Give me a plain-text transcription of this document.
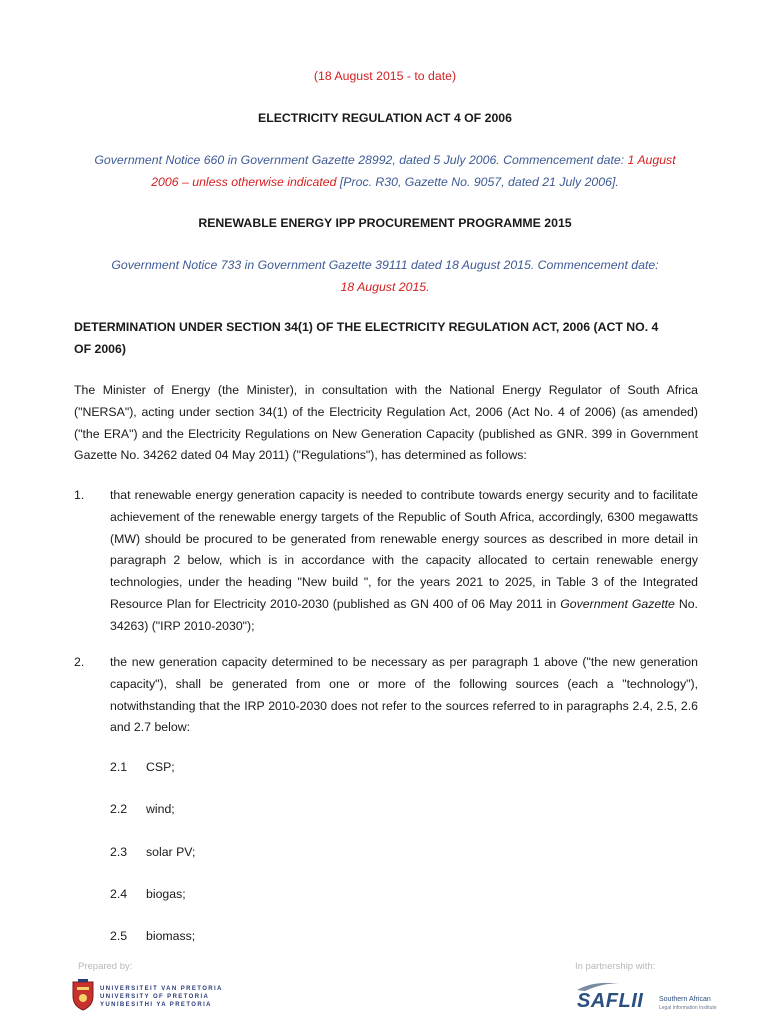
(18 August 2015 - to date)
ELECTRICITY REGULATION ACT 4 OF 2006
Government Notice 660 in Government Gazette 28992, dated 5 July 2006. Commencement date: 1 August
2006 – unless otherwise indicated [Proc. R30, Gazette No. 9057, dated 21 July 2006].
RENEWABLE ENERGY IPP PROCUREMENT PROGRAMME 2015
Government Notice 733 in Government Gazette 39111 dated 18 August 2015. Commencement date:
18 August 2015.
DETERMINATION UNDER SECTION 34(1) OF THE ELECTRICITY REGULATION ACT, 2006 (ACT NO. 4
OF 2006)
The Minister of Energy (the Minister), in consultation with the National Energy Regulator of South Africa ("NERSA"), acting under section 34(1) of the Electricity Regulation Act, 2006 (Act No. 4 of 2006) (as amended) ("the ERA") and the Electricity Regulations on New Generation Capacity (published as GNR. 399 in Government Gazette No. 34262 dated 04 May 2011) ("Regulations"), has determined as follows:
1. that renewable energy generation capacity is needed to contribute towards energy security and to facilitate achievement of the renewable energy targets of the Republic of South Africa, accordingly, 6300 megawatts (MW) should be procured to be generated from renewable energy sources as described in more detail in paragraph 2 below, which is in accordance with the capacity allocated to certain renewable energy technologies, under the heading "New build ", for the years 2021 to 2025, in Table 3 of the Integrated Resource Plan for Electricity 2010-2030 (published as GN 400 of 06 May 2011 in Government Gazette No. 34263) ("IRP 2010-2030");
2. the new generation capacity determined to be necessary as per paragraph 1 above ("the new generation capacity"), shall be generated from one or more of the following sources (each a "technology"), notwithstanding that the IRP 2010-2030 does not refer to the sources referred to in paragraphs 2.4, 2.5, 2.6 and 2.7 below:
2.1 CSP;
2.2 wind;
2.3 solar PV;
2.4 biogas;
2.5 biomass;
Prepared by:	In partnership with:
UNIVERSITEIT VAN PRETORIA
UNIVERSITY OF PRETORIA
YUNIBESITHI YA PRETORIA	SAFLII Southern African
Legal Information Institute
